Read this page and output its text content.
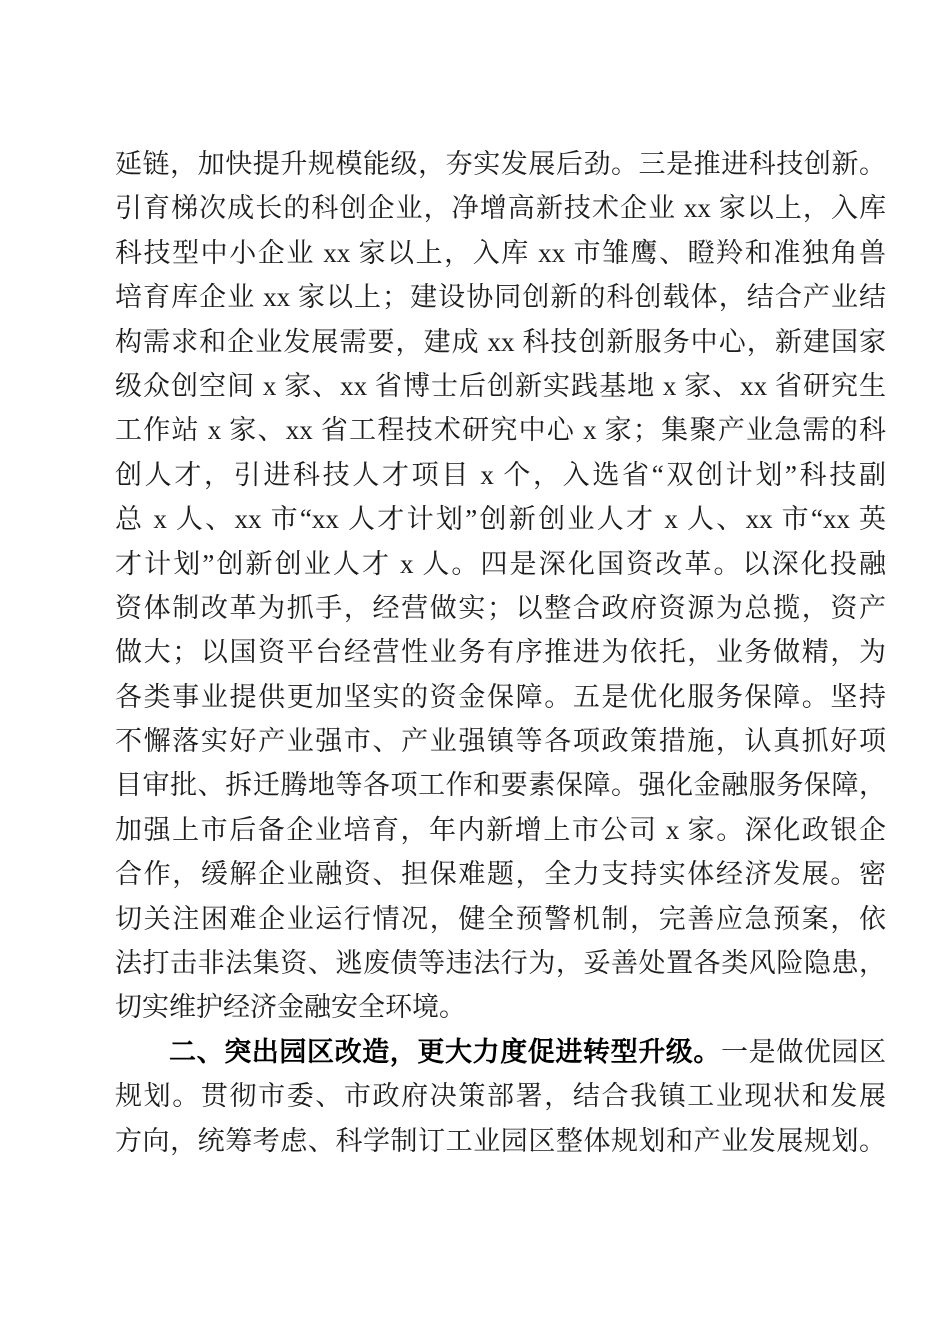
延链，加快提升规模能级，夯实发展后劲。三是推进科技创新。
引育梯次成长的科创企业，净增高新技术企业 xx 家以上，入库
科技型中小企业 xx 家以上，入库 xx 市雏鹰、瞪羚和准独角兽
培育库企业 xx 家以上；建设协同创新的科创载体，结合产业结
构需求和企业发展需要，建成 xx 科技创新服务中心，新建国家
级众创空间 x 家、xx 省博士后创新实践基地 x 家、xx 省研究生
工作站 x 家、xx 省工程技术研究中心 x 家；集聚产业急需的科
创人才，引进科技人才项目 x 个，入选省“双创计划”科技副
总 x 人、xx 市“xx 人才计划”创新创业人才 x 人、xx 市“xx 英
才计划”创新创业人才 x 人。四是深化国资改革。以深化投融
资体制改革为抓手，经营做实；以整合政府资源为总揽，资产
做大；以国资平台经营性业务有序推进为依托，业务做精，为
各类事业提供更加坚实的资金保障。五是优化服务保障。坚持
不懈落实好产业强市、产业强镇等各项政策措施，认真抓好项
目审批、拆迁腾地等各项工作和要素保障。强化金融服务保障，
加强上市后备企业培育，年内新增上市公司 x 家。深化政银企
合作，缓解企业融资、担保难题，全力支持实体经济发展。密
切关注困难企业运行情况，健全预警机制，完善应急预案，依
法打击非法集资、逃废债等违法行为，妥善处置各类风险隐患，
切实维护经济金融安全环境。
二、突出园区改造，更大力度促进转型升级。一是做优园区
规划。贯彻市委、市政府决策部署，结合我镇工业现状和发展
方向，统筹考虑、科学制订工业园区整体规划和产业发展规划。
